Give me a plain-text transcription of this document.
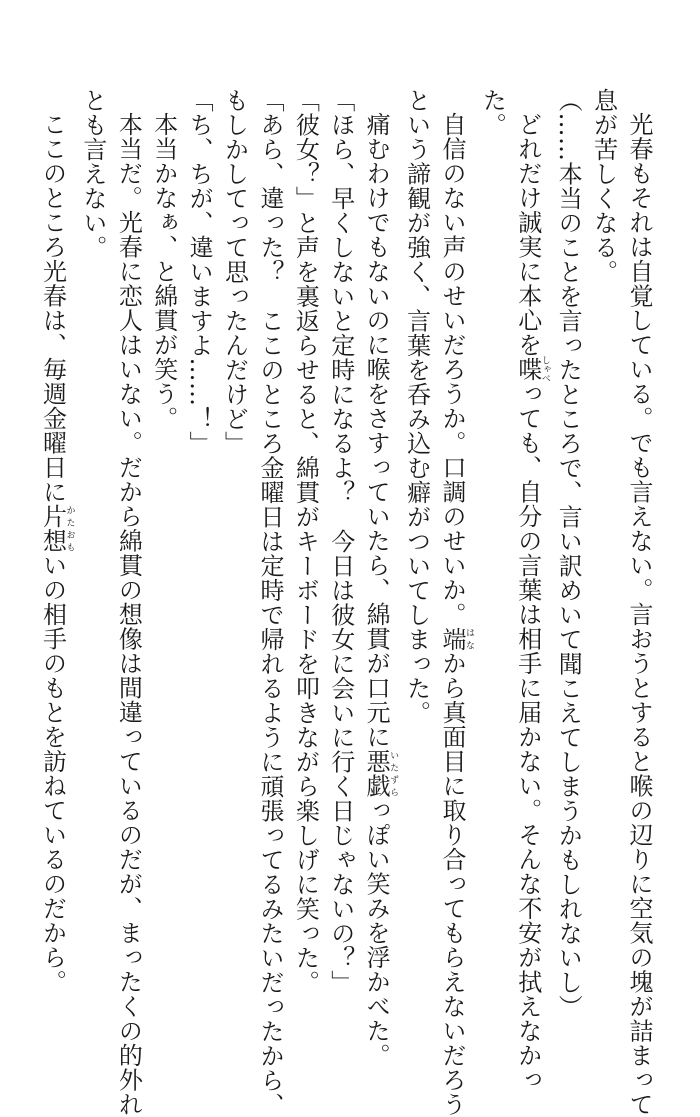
光春もそれは自覚している。でも言えない。言おうとすると喉の辺りに空気の塊が詰まって
息が苦しくなる。
（……本当のことを言ったところで、言い訳めいて聞こえてしまうかもしれないし）
どれだけ誠実に本心を喋しゃべっても、自分の言葉は相手に届かない。そんな不安が拭えなかっ
た。
自信のない声のせいだろうか。口調のせいか。端はなから真面目に取り合ってもらえないだろう
という諦観が強く、言葉を呑み込む癖がついてしまった。
痛むわけでもないのに喉をさすっていたら、綿貫が口元に悪戯いたずらっぽい笑みを浮かべた。
「ほら、早くしないと定時になるよ？　今日は彼女に会いに行く日じゃないの？」
「彼女？」と声を裏返らせると、綿貫がキーボードを叩きながら楽しげに笑った。
「あら、違った？　ここのところ金曜日は定時で帰れるように頑張ってるみたいだったから、
もしかしてって思ったんだけど」
「ち、ちが、違いますよ……！」
本当かなぁ、と綿貫が笑う。
本当だ。光春に恋人はいない。だから綿貫の想像は間違っているのだが、まったくの的外れ
とも言えない。
ここのところ光春は、毎週金曜日に片想かたおもいの相手のもとを訪ねているのだから。
